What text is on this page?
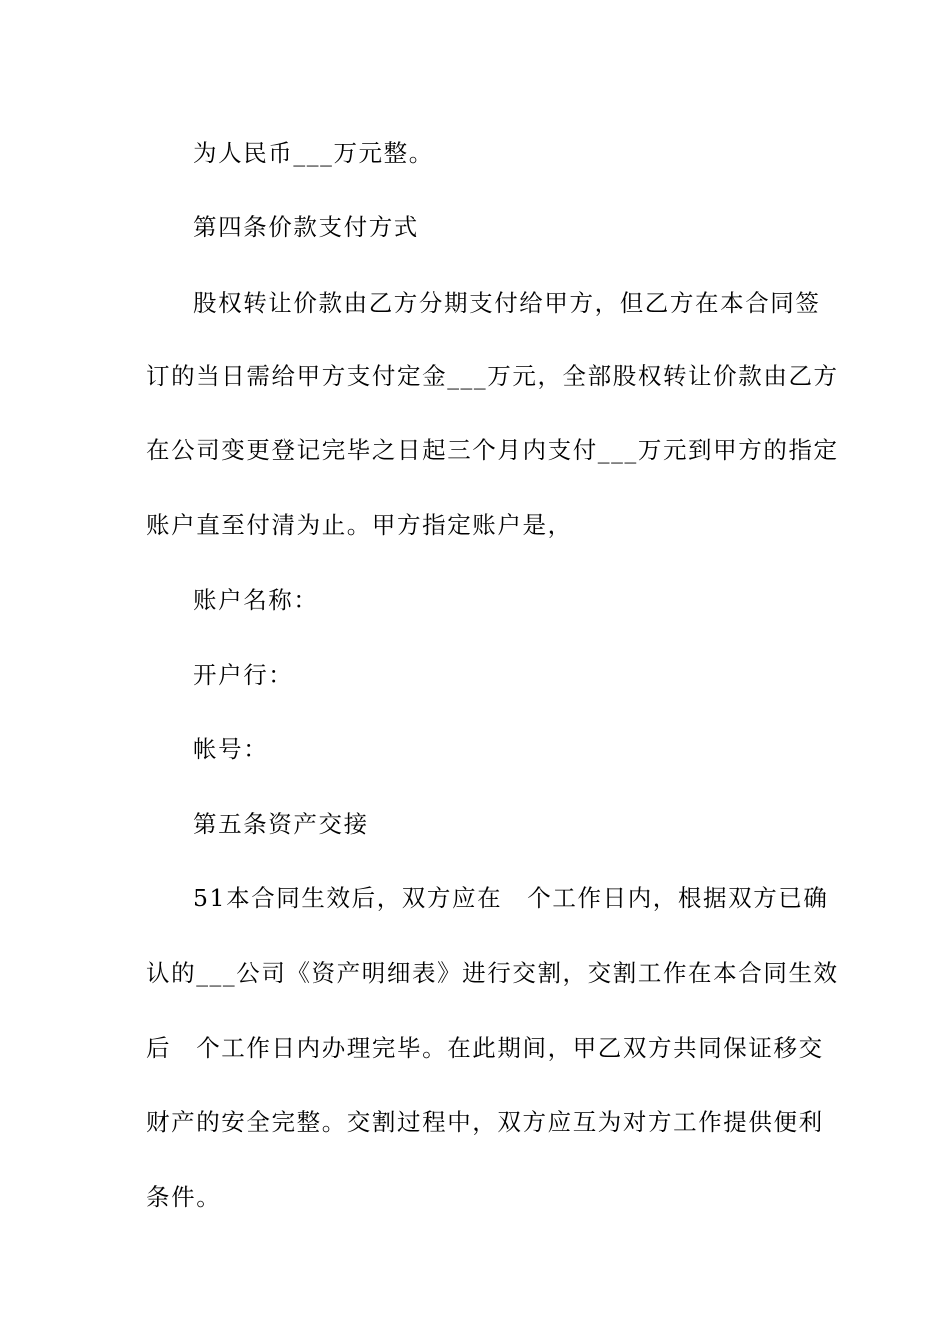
为人民币___万元整。
第四条价款支付方式
股权转让价款由乙方分期支付给甲方，但乙方在本合同签
订的当日需给甲方支付定金___万元，全部股权转让价款由乙方
在公司变更登记完毕之日起三个月内支付___万元到甲方的指定
账户直至付清为止。甲方指定账户是，
账户名称：
开户行：
帐号：
第五条资产交接
51本合同生效后，双方应在　个工作日内，根据双方已确
认的___公司《资产明细表》进行交割，交割工作在本合同生效
后　个工作日内办理完毕。在此期间，甲乙双方共同保证移交
财产的安全完整。交割过程中，双方应互为对方工作提供便利
条件。
